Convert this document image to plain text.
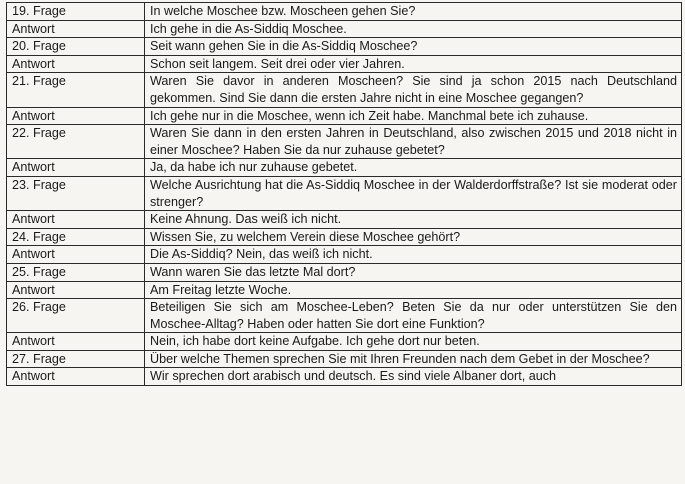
19. Frage	In welche Moschee bzw. Moscheen gehen Sie?
Antwort	Ich gehe in die As-Siddiq Moschee.
20. Frage	Seit wann gehen Sie in die As-Siddiq Moschee?
Antwort	Schon seit langem. Seit drei oder vier Jahren.
21. Frage	Waren Sie davor in anderen Moscheen? Sie sind ja schon 2015 nach Deutschland gekommen. Sind Sie dann die ersten Jahre nicht in eine Moschee gegangen?
Antwort	Ich gehe nur in die Moschee, wenn ich Zeit habe. Manchmal bete ich zuhause.
22. Frage	Waren Sie dann in den ersten Jahren in Deutschland, also zwischen 2015 und 2018 nicht in einer Moschee? Haben Sie da nur zuhause gebetet?
Antwort	Ja, da habe ich nur zuhause gebetet.
23. Frage	Welche Ausrichtung hat die As-Siddiq Moschee in der Walderdorffstraße? Ist sie moderat oder strenger?
Antwort	Keine Ahnung. Das weiß ich nicht.
24. Frage	Wissen Sie, zu welchem Verein diese Moschee gehört?
Antwort	Die As-Siddiq? Nein, das weiß ich nicht.
25. Frage	Wann waren Sie das letzte Mal dort?
Antwort	Am Freitag letzte Woche.
26. Frage	Beteiligen Sie sich am Moschee-Leben? Beten Sie da nur oder unterstützen Sie den Moschee-Alltag? Haben oder hatten Sie dort eine Funktion?
Antwort	Nein, ich habe dort keine Aufgabe. Ich gehe dort nur beten.
27. Frage	Über welche Themen sprechen Sie mit Ihren Freunden nach dem Gebet in der Moschee?
Antwort	Wir sprechen dort arabisch und deutsch. Es sind viele Albaner dort, auch
